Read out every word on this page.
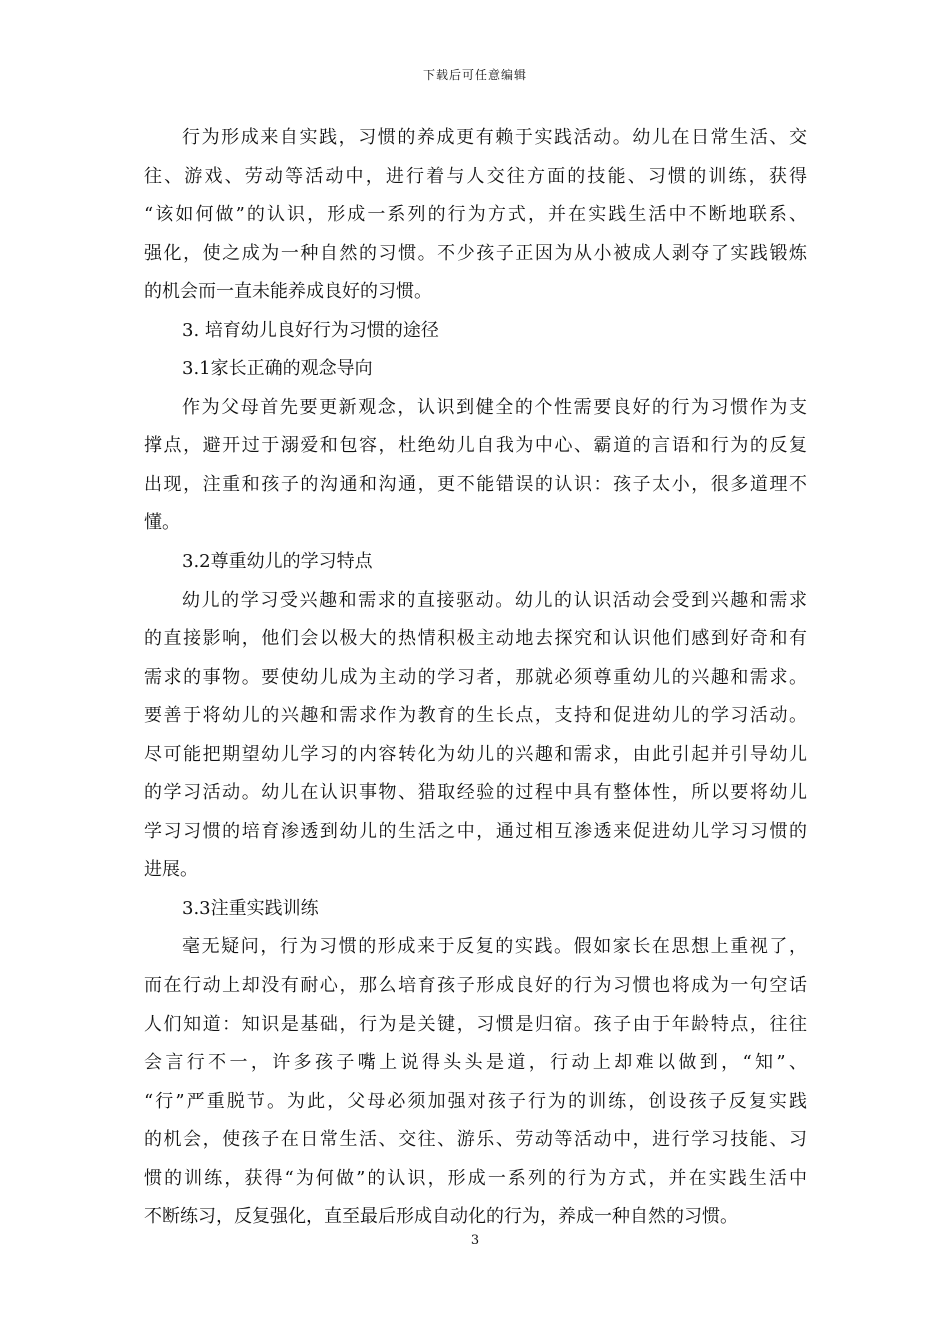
下载后可任意编辑
行为形成来自实践，习惯的养成更有赖于实践活动。幼儿在日常生活、交
往、游戏、劳动等活动中，进行着与人交往方面的技能、习惯的训练，获得
“该如何做”的认识，形成一系列的行为方式，并在实践生活中不断地联系、
强化，使之成为一种自然的习惯。不少孩子正因为从小被成人剥夺了实践锻炼
的机会而一直未能养成良好的习惯。
3. 培育幼儿良好行为习惯的途径
3.1家长正确的观念导向
作为父母首先要更新观念，认识到健全的个性需要良好的行为习惯作为支
撑点，避开过于溺爱和包容，杜绝幼儿自我为中心、霸道的言语和行为的反复
出现，注重和孩子的沟通和沟通，更不能错误的认识：孩子太小，很多道理不
懂。
3.2尊重幼儿的学习特点
幼儿的学习受兴趣和需求的直接驱动。幼儿的认识活动会受到兴趣和需求
的直接影响，他们会以极大的热情积极主动地去探究和认识他们感到好奇和有
需求的事物。要使幼儿成为主动的学习者，那就必须尊重幼儿的兴趣和需求。
要善于将幼儿的兴趣和需求作为教育的生长点，支持和促进幼儿的学习活动。
尽可能把期望幼儿学习的内容转化为幼儿的兴趣和需求，由此引起并引导幼儿
的学习活动。幼儿在认识事物、猎取经验的过程中具有整体性，所以要将幼儿
学习习惯的培育渗透到幼儿的生活之中，通过相互渗透来促进幼儿学习习惯的
进展。
3.3注重实践训练
毫无疑问，行为习惯的形成来于反复的实践。假如家长在思想上重视了，
而在行动上却没有耐心，那么培育孩子形成良好的行为习惯也将成为一句空话
人们知道：知识是基础，行为是关键，习惯是归宿。孩子由于年龄特点，往往
会言行不一，许多孩子嘴上说得头头是道，行动上却难以做到，“知”、
“行”严重脱节。为此，父母必须加强对孩子行为的训练，创设孩子反复实践
的机会，使孩子在日常生活、交往、游乐、劳动等活动中，进行学习技能、习
惯的训练，获得“为何做”的认识，形成一系列的行为方式，并在实践生活中
不断练习，反复强化，直至最后形成自动化的行为，养成一种自然的习惯。
3
